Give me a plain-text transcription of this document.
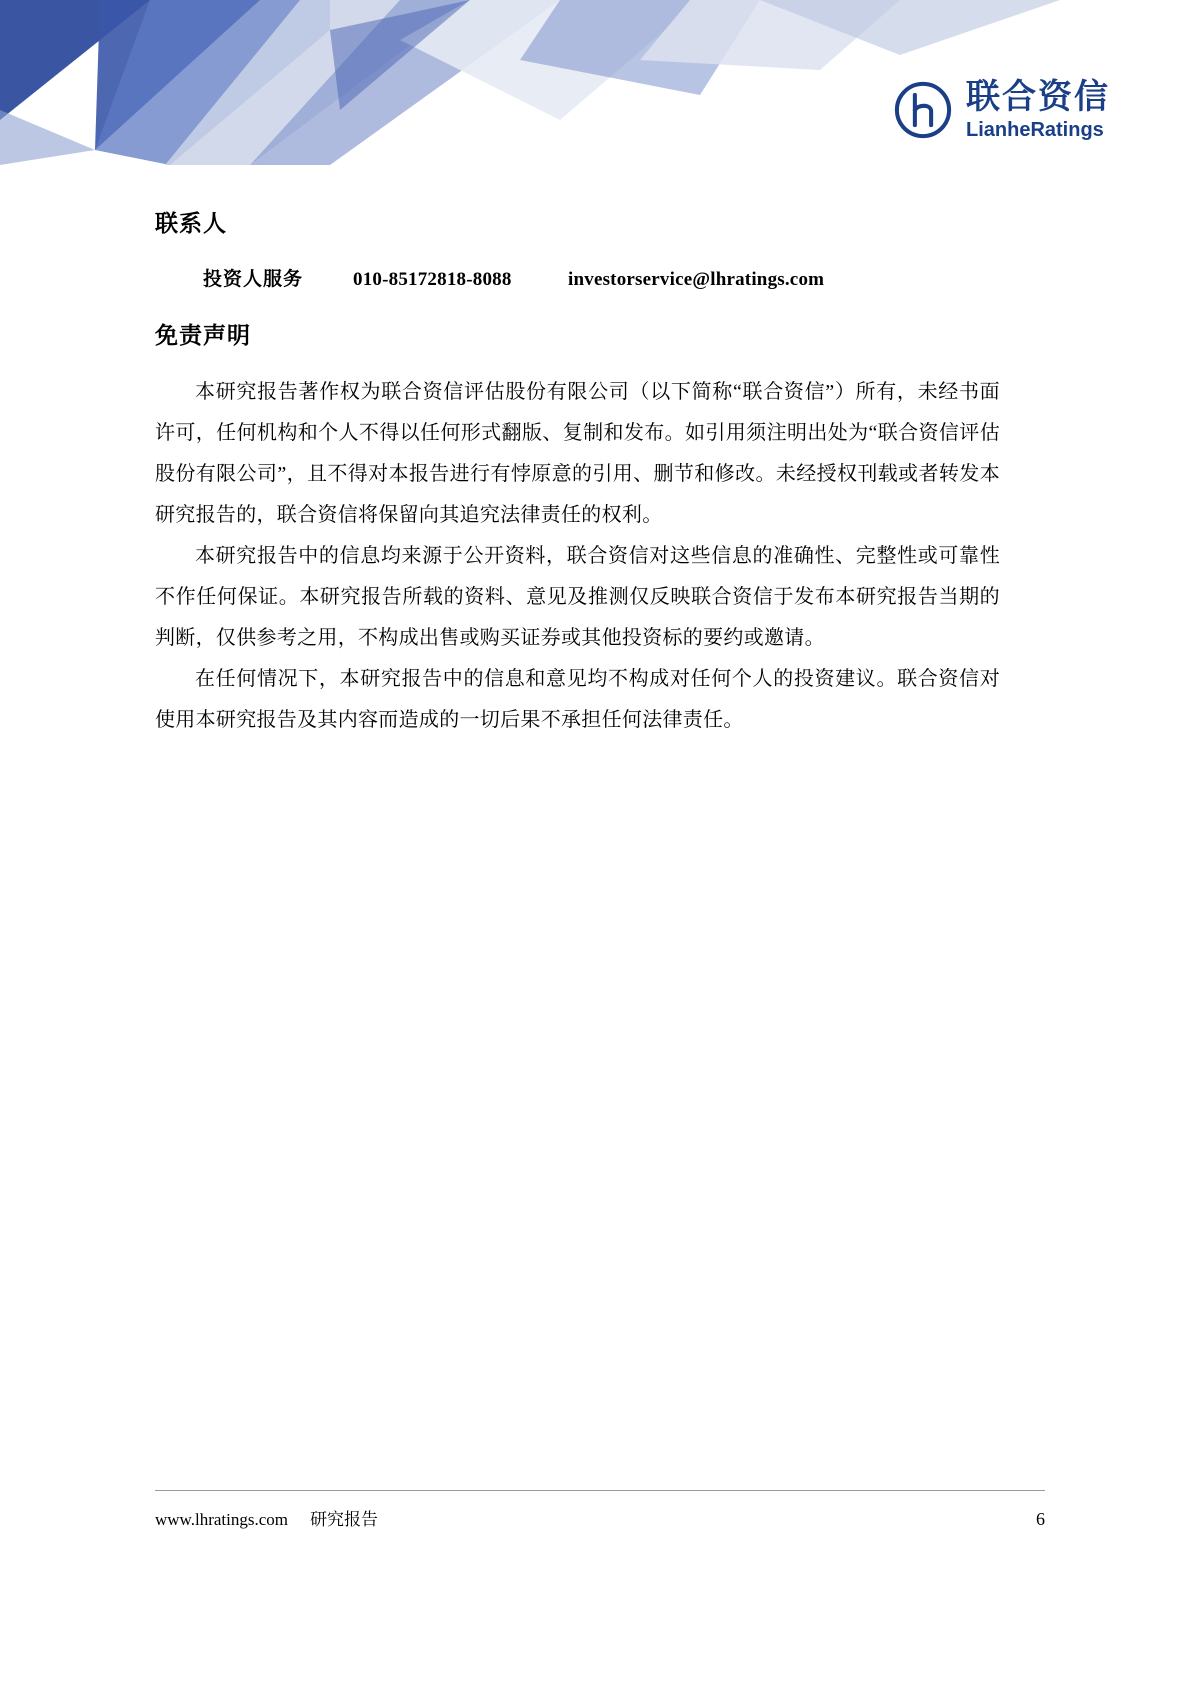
联合资信
LianheRatings
联系人
投资人服务	010-85172818-8088	investorservice@lhratings.com
免责声明

本研究报告著作权为联合资信评估股份有限公司（以下简称“联合资信”）所有，未经书面许可，任何机构和个人不得以任何形式翻版、复制和发布。如引用须注明出处为“联合资信评估股份有限公司”，且不得对本报告进行有悖原意的引用、删节和修改。未经授权刊载或者转发本研究报告的，联合资信将保留向其追究法律责任的权利。

本研究报告中的信息均来源于公开资料，联合资信对这些信息的准确性、完整性或可靠性不作任何保证。本研究报告所载的资料、意见及推测仅反映联合资信于发布本研究报告当期的判断，仅供参考之用，不构成出售或购买证券或其他投资标的要约或邀请。

在任何情况下，本研究报告中的信息和意见均不构成对任何个人的投资建议。联合资信对使用本研究报告及其内容而造成的一切后果不承担任何法律责任。

www.lhratings.com 研究报告	6
